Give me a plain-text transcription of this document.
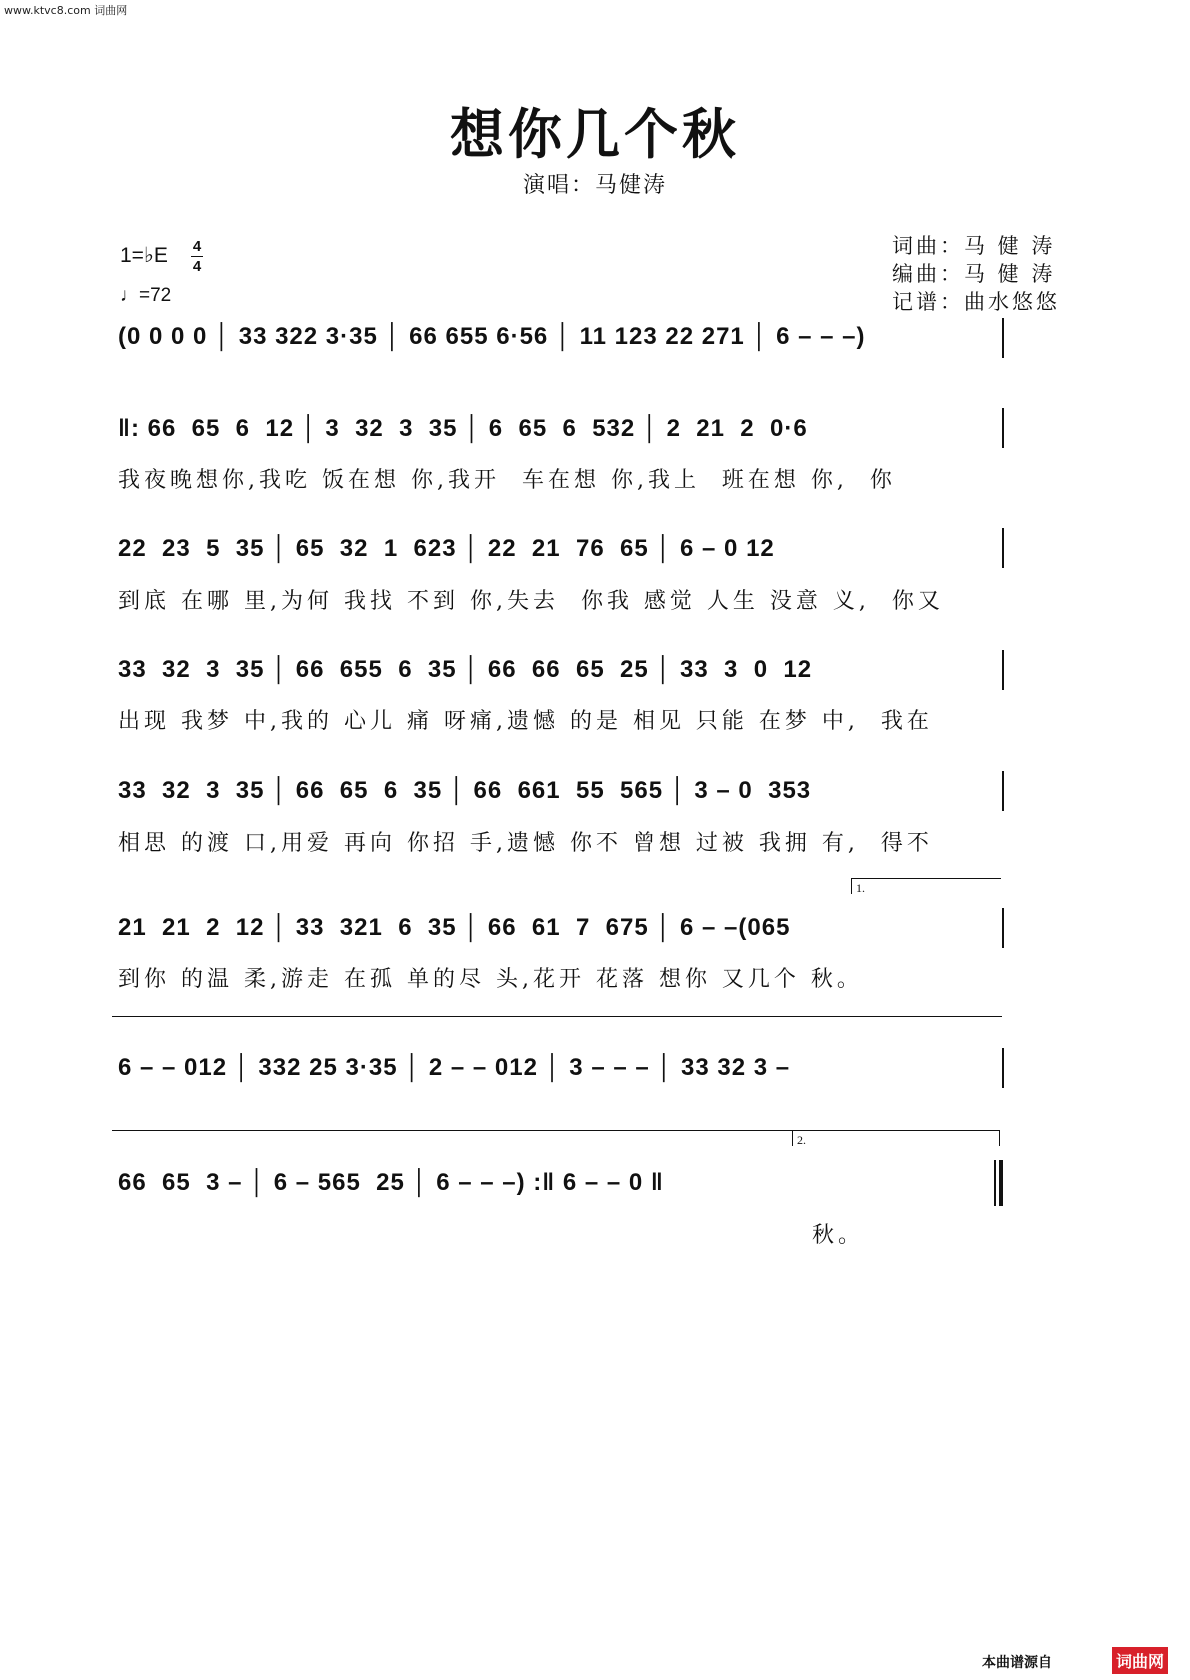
www.ktvc8.com 词曲网
想你几个秋
演唱：马健涛
1=♭E 4
4
♩=72
词曲：马 健 涛
编曲：马 健 涛
记谱：曲水悠悠
(0 0 0 0 │ 33 322 3·35 │ 66 655 6·56 │ 11 123 22 271 │ 6 – – –)
‖: 66  65  6  12 │ 3  32  3  35 │ 6  65  6  532 │ 2  21  2  0·6
我夜晚想你,我吃 饭在想 你,我开  车在想 你,我上  班在想 你,  你
22  23  5  35 │ 65  32  1  623 │ 22  21  76  65 │ 6 – 0 12
到底 在哪 里,为何 我找 不到 你,失去  你我 感觉 人生 没意 义,  你又
33  32  3  35 │ 66  655  6  35 │ 66  66  65  25 │ 33  3  0  12
出现 我梦 中,我的 心儿 痛 呀痛,遗憾 的是 相见 只能 在梦 中,  我在
33  32  3  35 │ 66  65  6  35 │ 66  661  55  565 │ 3 – 0  353
相思 的渡 口,用爱 再向 你招 手,遗憾 你不 曾想 过被 我拥 有,  得不
1.
21  21  2  12 │ 33  321  6  35 │ 66  61  7  675 │ 6 – –(065
到你 的温 柔,游走 在孤 单的尽 头,花开 花落 想你 又几个 秋。
6 – – 012 │ 332 25 3·35 │ 2 – – 012 │ 3 – – – │ 33 32 3 –
2.
66  65  3 – │ 6 – 565  25 │ 6 – – –) :‖ 6 – – 0 ‖
秋。
本曲谱源自	词曲网
